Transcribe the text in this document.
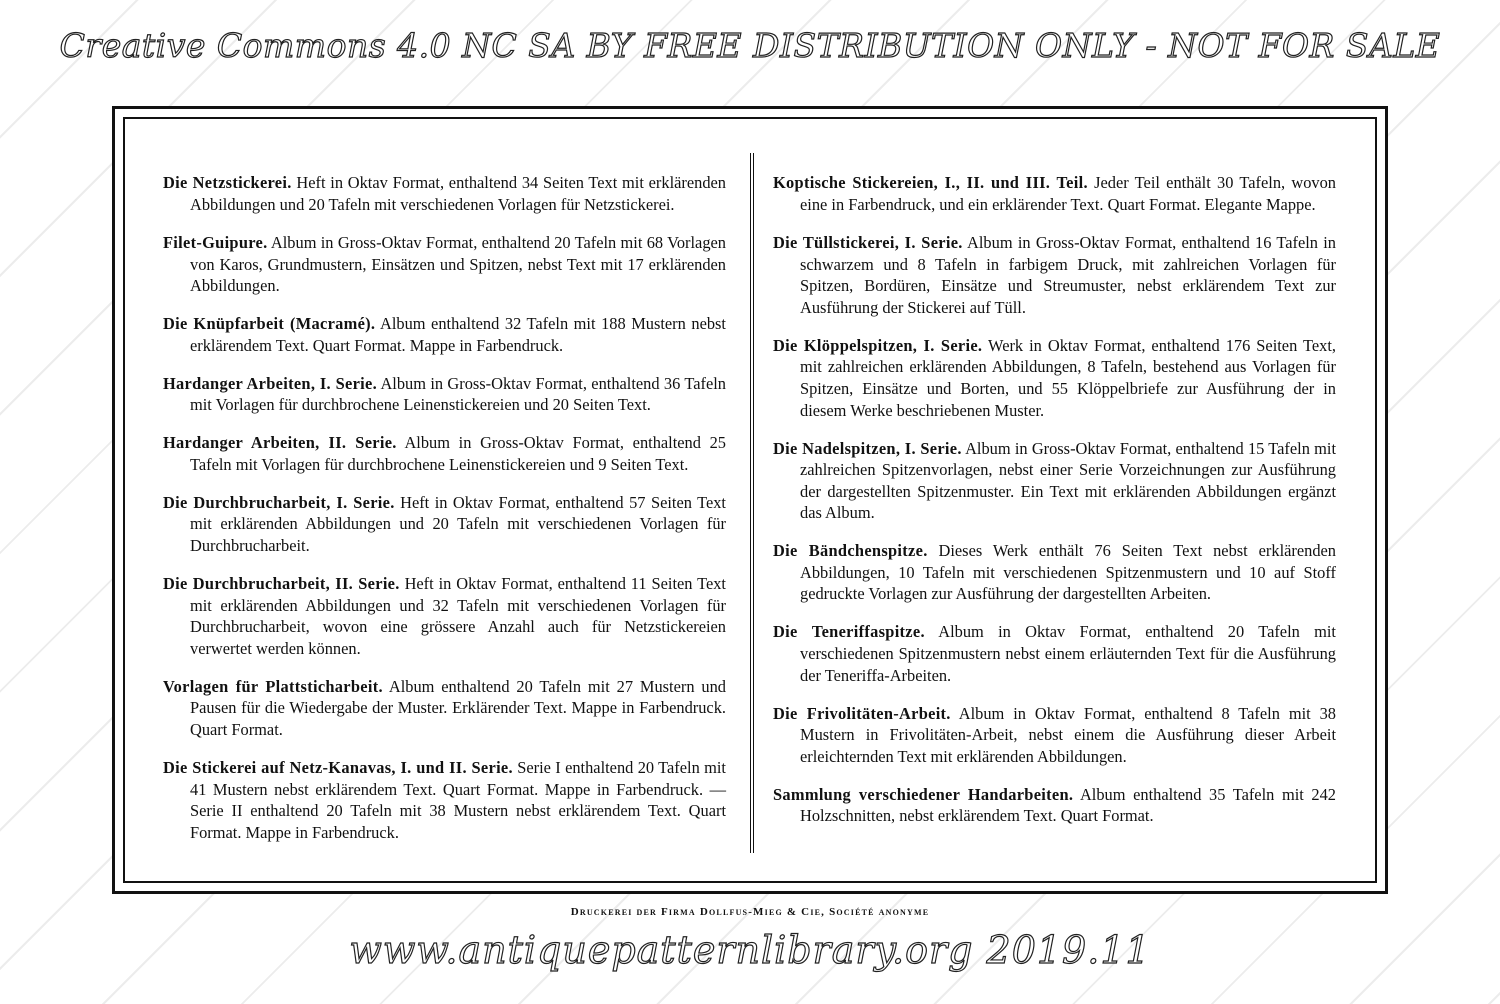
Creative Commons 4.0 NC SA BY FREE DISTRIBUTION ONLY - NOT FOR SALE

Die Netzstickerei. Heft in Oktav Format, enthaltend 34 Seiten Text mit erklärenden Abbildungen und 20 Tafeln mit verschiedenen Vorlagen für Netzstickerei.

Filet-Guipure. Album in Gross-Oktav Format, enthaltend 20 Tafeln mit 68 Vorlagen von Karos, Grundmustern, Einsätzen und Spitzen, nebst Text mit 17 erklärenden Abbildungen.

Die Knüpfarbeit (Macramé). Album enthaltend 32 Tafeln mit 188 Mustern nebst erklärendem Text. Quart Format. Mappe in Farbendruck.

Hardanger Arbeiten, I. Serie. Album in Gross-Oktav Format, enthaltend 36 Tafeln mit Vorlagen für durchbrochene Leinenstickereien und 20 Seiten Text.

Hardanger Arbeiten, II. Serie. Album in Gross-Oktav Format, enthaltend 25 Tafeln mit Vorlagen für durchbrochene Leinenstickereien und 9 Seiten Text.

Die Durchbrucharbeit, I. Serie. Heft in Oktav Format, enthaltend 57 Seiten Text mit erklärenden Abbildungen und 20 Tafeln mit verschiedenen Vorlagen für Durchbrucharbeit.

Die Durchbrucharbeit, II. Serie. Heft in Oktav Format, enthaltend 11 Seiten Text mit erklärenden Abbildungen und 32 Tafeln mit verschiedenen Vorlagen für Durchbrucharbeit, wovon eine grössere Anzahl auch für Netzstickereien verwertet werden können.

Vorlagen für Plattsticharbeit. Album enthaltend 20 Tafeln mit 27 Mustern und Pausen für die Wiedergabe der Muster. Erklärender Text. Mappe in Farbendruck. Quart Format.

Die Stickerei auf Netz-Kanavas, I. und II. Serie. Serie I enthaltend 20 Tafeln mit 41 Mustern nebst erklärendem Text. Quart Format. Mappe in Farbendruck. — Serie II enthaltend 20 Tafeln mit 38 Mustern nebst erklärendem Text. Quart Format. Mappe in Farbendruck.

Koptische Stickereien, I., II. und III. Teil. Jeder Teil enthält 30 Tafeln, wovon eine in Farbendruck, und ein erklärender Text. Quart Format. Elegante Mappe.

Die Tüllstickerei, I. Serie. Album in Gross-Oktav Format, enthaltend 16 Tafeln in schwarzem und 8 Tafeln in farbigem Druck, mit zahlreichen Vorlagen für Spitzen, Bordüren, Einsätze und Streumuster, nebst erklärendem Text zur Ausführung der Stickerei auf Tüll.

Die Klöppelspitzen, I. Serie. Werk in Oktav Format, enthaltend 176 Seiten Text, mit zahlreichen erklärenden Abbildungen, 8 Tafeln, bestehend aus Vorlagen für Spitzen, Einsätze und Borten, und 55 Klöppelbriefe zur Ausführung der in diesem Werke beschriebenen Muster.

Die Nadelspitzen, I. Serie. Album in Gross-Oktav Format, enthaltend 15 Tafeln mit zahlreichen Spitzenvorlagen, nebst einer Serie Vorzeichnungen zur Ausführung der dargestellten Spitzenmuster. Ein Text mit erklärenden Abbildungen ergänzt das Album.

Die Bändchenspitze. Dieses Werk enthält 76 Seiten Text nebst erklärenden Abbildungen, 10 Tafeln mit verschiedenen Spitzenmustern und 10 auf Stoff gedruckte Vorlagen zur Ausführung der dargestellten Arbeiten.

Die Teneriffaspitze. Album in Oktav Format, enthaltend 20 Tafeln mit verschiedenen Spitzenmustern nebst einem erläuternden Text für die Ausführung der Teneriffa-Arbeiten.

Die Frivolitäten-Arbeit. Album in Oktav Format, enthaltend 8 Tafeln mit 38 Mustern in Frivolitäten-Arbeit, nebst einem die Ausführung dieser Arbeit erleichternden Text mit erklärenden Abbildungen.

Sammlung verschiedener Handarbeiten. Album enthaltend 35 Tafeln mit 242 Holzschnitten, nebst erklärendem Text. Quart Format.

Druckerei der Firma Dollfus-Mieg & Cie, Société anonyme
www.antiquepatternlibrary.org 2019.11
